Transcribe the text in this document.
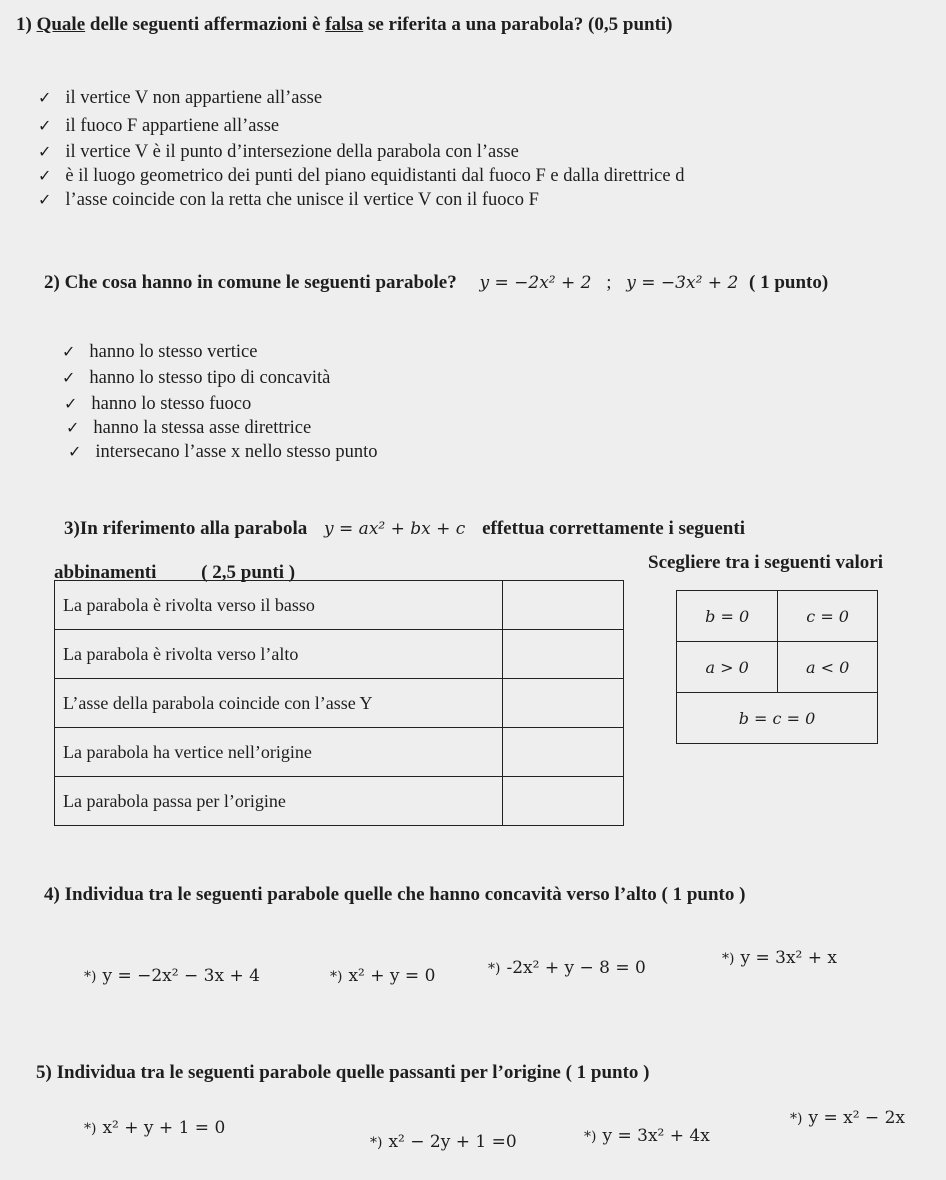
1) Quale delle seguenti affermazioni è falsa se riferita a una parabola? (0,5 punti)
✓ il vertice V non appartiene all’asse
✓ il fuoco F appartiene all’asse
✓ il vertice V è il punto d’intersezione della parabola con l’asse
✓ è il luogo geometrico dei punti del piano equidistanti dal fuoco F e dalla direttrice d
✓ l’asse coincide con la retta che unisce il vertice V con il fuoco F
2) Che cosa hanno in comune le seguenti parabole? y = −2x² + 2 ; y = −3x² + 2 ( 1 punto)
✓ hanno lo stesso vertice
✓ hanno lo stesso tipo di concavità
✓ hanno lo stesso fuoco
✓ hanno la stessa asse direttrice
✓ intersecano l’asse x nello stesso punto
3)In riferimento alla parabola y = ax² + bx + c effettua correttamente i seguenti
abbinamenti ( 2,5 punti )	Scegliere tra i seguenti valori
La parabola è rivolta verso il basso	
La parabola è rivolta verso l’alto	
L’asse della parabola coincide con l’asse Y	
La parabola ha vertice nell’origine	
La parabola passa per l’origine	
b = 0	c = 0
a > 0	a < 0
b = c = 0	
4) Individua tra le seguenti parabole quelle che hanno concavità verso l’alto ( 1 punto )
*) y = −2x² − 3x + 4	*) x² + y = 0	*) -2x² + y − 8 = 0	*) y = 3x² + x
5) Individua tra le seguenti parabole quelle passanti per l’origine ( 1 punto )
*) x² + y + 1 = 0
*) x² − 2y + 1 =0	*) y = 3x² + 4x
*) y = x² − 2x
